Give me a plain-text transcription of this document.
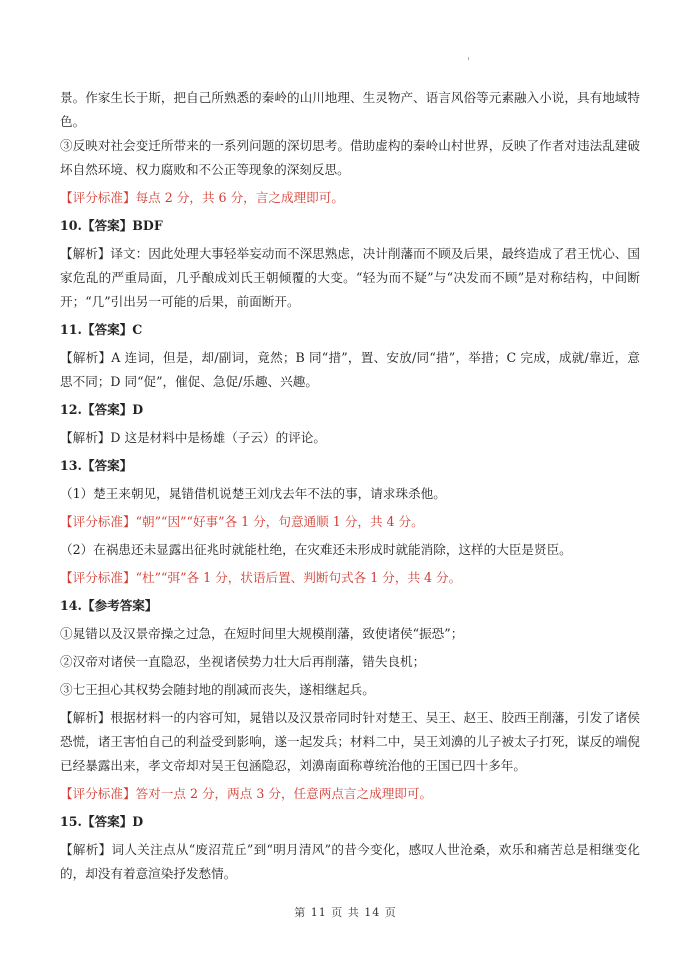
景。作家生长于斯，把自己所熟悉的秦岭的山川地理、生灵物产、语言风俗等元素融入小说，具有地域特色。

③反映对社会变迁所带来的一系列问题的深切思考。借助虚构的秦岭山村世界，反映了作者对违法乱建破坏自然环境、权力腐败和不公正等现象的深刻反思。

【评分标准】每点 2 分，共 6 分，言之成理即可。

10.【答案】BDF

【解析】译文：因此处理大事轻举妄动而不深思熟虑，决计削藩而不顾及后果，最终造成了君王忧心、国家危乱的严重局面，几乎酿成刘氏王朝倾覆的大变。“轻为而不疑”与“决发而不顾”是对称结构，中间断开；“几”引出另一可能的后果，前面断开。

11.【答案】C

【解析】A 连词，但是，却/副词，竟然；B 同“措”，置、安放/同“措”，举措；C 完成，成就/靠近，意思不同；D 同“促”，催促、急促/乐趣、兴趣。

12.【答案】D

【解析】D 这是材料中是杨雄（子云）的评论。

13.【答案】

（1）楚王来朝见，晁错借机说楚王刘戊去年不法的事，请求珠杀他。

【评分标准】“朝”“因”“好事”各 1 分，句意通顺 1 分，共 4 分。

（2）在祸患还未显露出征兆时就能杜绝，在灾难还未形成时就能消除，这样的大臣是贤臣。

【评分标准】“杜”“弭”各 1 分，状语后置、判断句式各 1 分，共 4 分。

14.【参考答案】

①晁错以及汉景帝操之过急，在短时间里大规模削藩，致使诸侯“振恐”；

②汉帝对诸侯一直隐忍，坐视诸侯势力壮大后再削藩，错失良机；

③七王担心其权势会随封地的削减而丧失，遂相继起兵。

【解析】根据材料一的内容可知，晁错以及汉景帝同时针对楚王、吴王、赵王、胶西王削藩，引发了诸侯恐慌，诸王害怕自己的利益受到影响，遂一起发兵；材料二中，吴王刘濞的儿子被太子打死，谋反的端倪已经暴露出来，孝文帝却对吴王包涵隐忍，刘濞南面称尊统治他的王国已四十多年。

【评分标准】答对一点 2 分，两点 3 分，任意两点言之成理即可。

15.【答案】D

【解析】词人关注点从“废沼荒丘”到“明月清风”的昔今变化，感叹人世沧桑，欢乐和痛苦总是相继变化的，却没有着意渲染抒发愁情。

第 11 页 共 14 页
